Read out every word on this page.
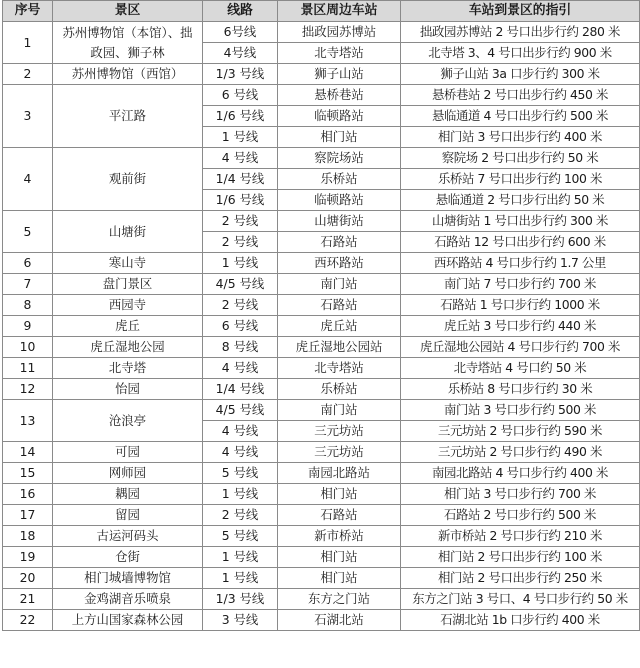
序号	景区	线路	景区周边车站	车站到景区的指引
1	苏州博物馆（本馆）、拙政园、狮子林	6号线	拙政园苏博站	拙政园苏博站 2 号口出步行约 280 米
		4号线	北寺塔站	北寺塔 3、4 号口出步行约 900 米
2	苏州博物馆（西馆）	1/3 号线	狮子山站	狮子山站 3a 口步行约 300 米
3	平江路	6 号线	悬桥巷站	悬桥巷站 2 号口出步行约 450 米
		1/6 号线	临顿路站	悬临通道 4 号口出步行约 500 米
		1 号线	相门站	相门站 3 号口出步行约 400 米
4	观前街	4 号线	察院场站	察院场 2 号口出步行约 50 米
		1/4 号线	乐桥站	乐桥站 7 号口出步行约 100 米
		1/6 号线	临顿路站	悬临通道 2 号口步行出约 50 米
5	山塘街	2 号线	山塘街站	山塘街站 1 号口出步行约 300 米
		2 号线	石路站	石路站 12 号口出步行约 600 米
6	寒山寺	1 号线	西环路站	西环路站 4 号口步行约 1.7 公里
7	盘门景区	4/5 号线	南门站	南门站 7 号口步行约 700 米
8	西园寺	2 号线	石路站	石路站 1 号口步行约 1000 米
9	虎丘	6 号线	虎丘站	虎丘站 3 号口步行约 440 米
10	虎丘湿地公园	8 号线	虎丘湿地公园站	虎丘湿地公园站 4 号口步行约 700 米
11	北寺塔	4 号线	北寺塔站	北寺塔站 4 号口约 50 米
12	怡园	1/4 号线	乐桥站	乐桥站 8 号口步行约 30 米
13	沧浪亭	4/5 号线	南门站	南门站 3 号口步行约 500 米
		4 号线	三元坊站	三元坊站 2 号口步行约 590 米
14	可园	4 号线	三元坊站	三元坊站 2 号口步行约 490 米
15	网师园	5 号线	南园北路站	南园北路站 4 号口步行约 400 米
16	耦园	1 号线	相门站	相门站 3 号口步行约 700 米
17	留园	2 号线	石路站	石路站 2 号口步行约 500 米
18	古运河码头	5 号线	新市桥站	新市桥站 2 号口步行约 210 米
19	仓街	1 号线	相门站	相门站 2 号口出步行约 100 米
20	相门城墙博物馆	1 号线	相门站	相门站 2 号口出步行约 250 米
21	金鸡湖音乐喷泉	1/3 号线	东方之门站	东方之门站 3 号口、4 号口步行约 50 米
22	上方山国家森林公园	3 号线	石湖北站	石湖北站 1b 口步行约 400 米
